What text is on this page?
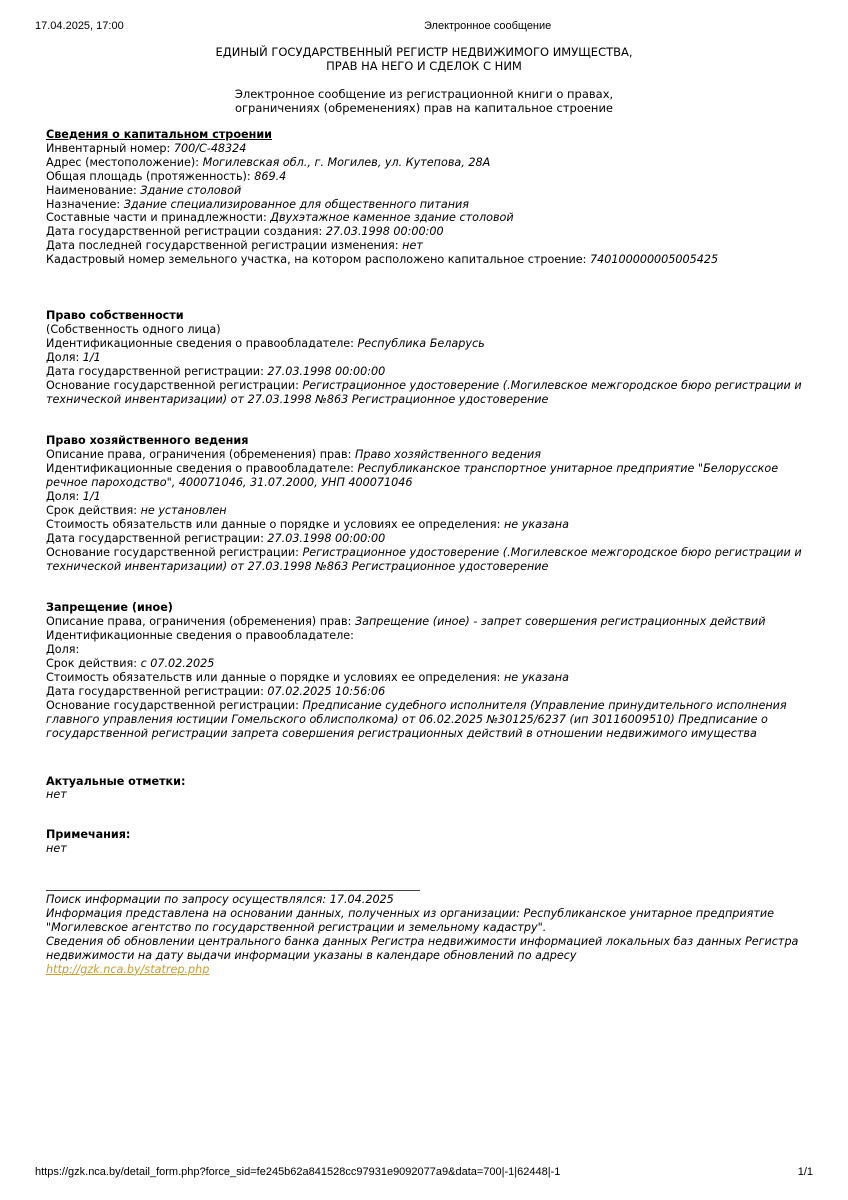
17.04.2025, 17:00	Электронное сообщение
ЕДИНЫЙ ГОСУДАРСТВЕННЫЙ РЕГИСТР НЕДВИЖИМОГО ИМУЩЕСТВА,
ПРАВ НА НЕГО И СДЕЛОК С НИМ
Электронное сообщение из регистрационной книги о правах,
ограничениях (обременениях) прав на капитальное строение
Сведения о капитальном строении
Инвентарный номер: 700/C-48324
Адрес (местоположение): Могилевская обл., г. Могилев, ул. Кутепова, 28А
Общая площадь (протяженность): 869.4
Наименование: Здание столовой
Назначение: Здание специализированное для общественного питания
Составные части и принадлежности: Двухэтажное каменное здание столовой
Дата государственной регистрации создания: 27.03.1998 00:00:00
Дата последней государственной регистрации изменения: нет
Кадастровый номер земельного участка, на котором расположено капитальное строение: 740100000005005425
Право собственности
(Собственность одного лица)
Идентификационные сведения о правообладателе: Республика Беларусь
Доля: 1/1
Дата государственной регистрации: 27.03.1998 00:00:00
Основание государственной регистрации: Регистрационное удостоверение (.Могилевское межгородское бюро регистрации и технической инвентаризации) от 27.03.1998 №863 Регистрационное удостоверение
Право хозяйственного ведения
Описание права, ограничения (обременения) прав: Право хозяйственного ведения
Идентификационные сведения о правообладателе: Республиканское транспортное унитарное предприятие "Белорусское речное пароходство", 400071046, 31.07.2000, УНП 400071046
Доля: 1/1
Срок действия: не установлен
Стоимость обязательств или данные о порядке и условиях ее определения: не указана
Дата государственной регистрации: 27.03.1998 00:00:00
Основание государственной регистрации: Регистрационное удостоверение (.Могилевское межгородское бюро регистрации и технической инвентаризации) от 27.03.1998 №863 Регистрационное удостоверение
Запрещение (иное)
Описание права, ограничения (обременения) прав: Запрещение (иное) - запрет совершения регистрационных действий
Идентификационные сведения о правообладателе:
Доля:
Срок действия: с 07.02.2025
Стоимость обязательств или данные о порядке и условиях ее определения: не указана
Дата государственной регистрации: 07.02.2025 10:56:06
Основание государственной регистрации: Предписание судебного исполнителя (Управление принудительного исполнения главного управления юстиции Гомельского облисполкома) от 06.02.2025 №30125/6237 (ип 30116009510) Предписание о государственной регистрации запрета совершения регистрационных действий в отношении недвижимого имущества
Актуальные отметки:
нет
Примечания:
нет
Поиск информации по запросу осуществлялся: 17.04.2025
Информация представлена на основании данных, полученных из организации: Республиканское унитарное предприятие "Могилевское агентство по государственной регистрации и земельному кадастру".
Сведения об обновлении центрального банка данных Регистра недвижимости информацией локальных баз данных Регистра недвижимости на дату выдачи информации указаны в календаре обновлений по адресу
http://gzk.nca.by/statrep.php
https://gzk.nca.by/detail_form.php?force_sid=fe245b62a841528cc97931e9092077a9&data=700|-1|62448|-1	1/1
